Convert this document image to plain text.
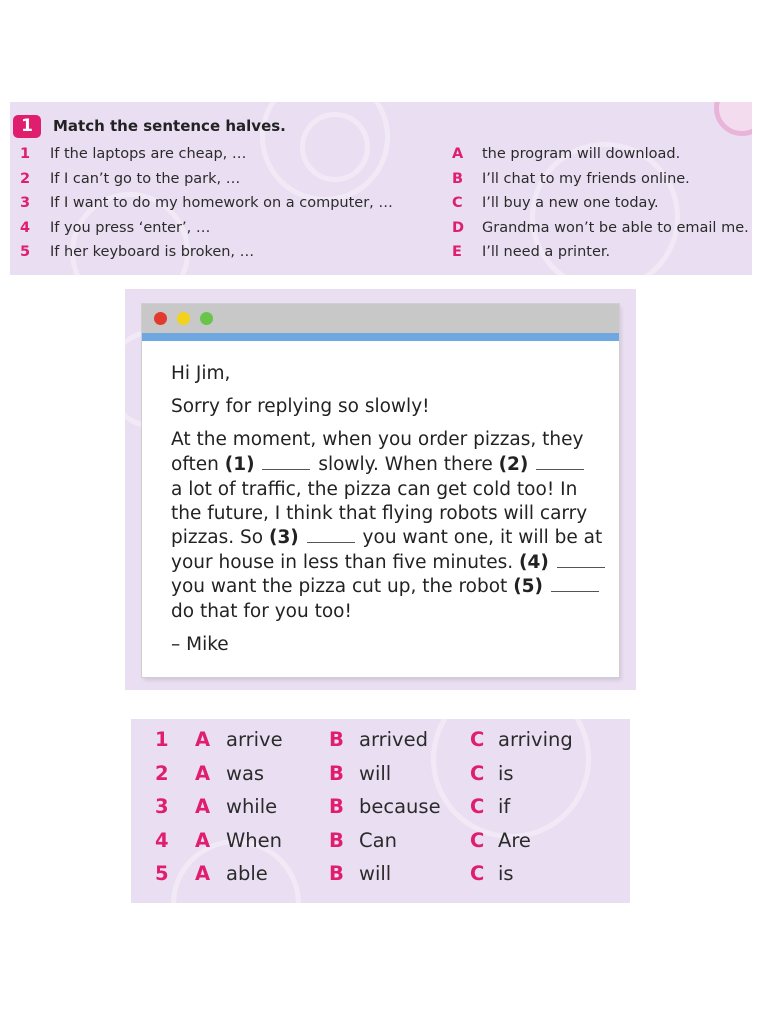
1	Match the sentence halves.
1	If the laptops are cheap, …
2	If I can’t go to the park, …
3	If I want to do my homework on a computer, …
4	If you press ‘enter’, …
5	If her keyboard is broken, …
A	the program will download.
B	I’ll chat to my friends online.
C	I’ll buy a new one today.
D Grandma won’t be able to email me.
E	I’ll need a printer.
Hi Jim,
Sorry for replying so slowly!
At the moment, when you order pizzas, they
often (1)	slowly. When there (2)
a lot of traffic, the pizza can get cold too! In
the future, I think that flying robots will carry
pizzas. So (3)	you want one, it will be at
your house in less than five minutes. (4)
you want the pizza cut up, the robot (5)
do that for you too!
– Mike
1 A arrive B arrived C arriving
2 A was	B will	C is
3 A while	B because C if
4 A When B Can	C Are
5 A able	B will	C is
